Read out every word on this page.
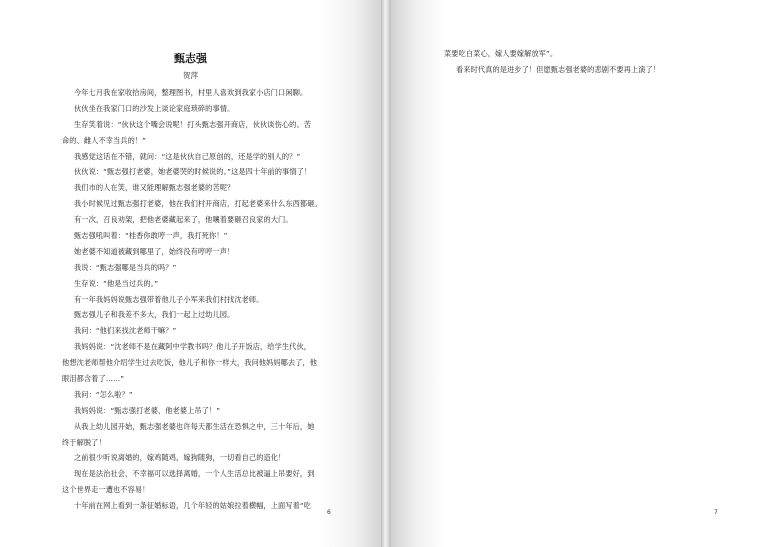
甄志强
贺萍
今年七月我在家收拾房间，整理图书，村里人喜欢到我家小店门口闲聊。
伙伙坐在我家门口的沙发上谈论家庭琐碎的事情。
生存笑着说：“伙伙这个嘴会说呢！打头甄志强开商店，伙伙谈伤心的、苦
命的、雌人不幸当兵的！”
我感觉这话在不错，就问：“这是伙伙自己原创的，还是学的别人的？”
伙伙说：“甄志强打老婆，她老婆哭的时候说的。”这是四十年前的事情了！
我们市的人在笑，谁又能理解甄志强老婆的苦呢？
我小时候见过甄志强打老婆，他在我们村开商店，打起老婆来什么东西都砸。
有一次，召良劝架，把他老婆藏起来了，他嚷着要砸召良家的大门。
甄志强吼叫着：“桂香你敢哼一声，我打死你！”
她老婆不知道被藏到哪里了，始终没有哼哼一声！
我说：“甄志强哪是当兵的吗？”
生存说：“他是当过兵的。”
有一年我妈妈说甄志强带着他儿子小军来我们村找沈老师。
甄志强儿子和我差不多大，我们一起上过幼儿园。
我问：“他们来找沈老师干嘛？”
我妈妈说：“沈老师不是在藏阿中学教书吗？他儿子开饭店，给学生代伙，
他想沈老师帮他介绍学生过去吃饭，他儿子和你一样大，我问他妈妈哪去了，他
眼泪都含着了……”
我问：“怎么啦？”
我妈妈说：“甄志强打老婆，他老婆上吊了！”
从我上幼儿园开始，甄志强老婆也许每天都生活在恐惧之中，三十年后，她
终于解脱了！
之前很少听说离婚的，嫁鸡随鸡，嫁狗随狗，一切看自己的造化！
现在是法治社会，不幸福可以选择离婚，一个人生活总比被逼上吊要好，到
这个世界走一遭也不容易！
十年前在网上看到一条征婚标语，几个年轻的姑娘拉着横幅，上面写着“吃
6
菜要吃白菜心，嫁人要嫁解放军”。
看来时代真的是进步了！但愿甄志强老婆的悲剧不要再上演了！
7
